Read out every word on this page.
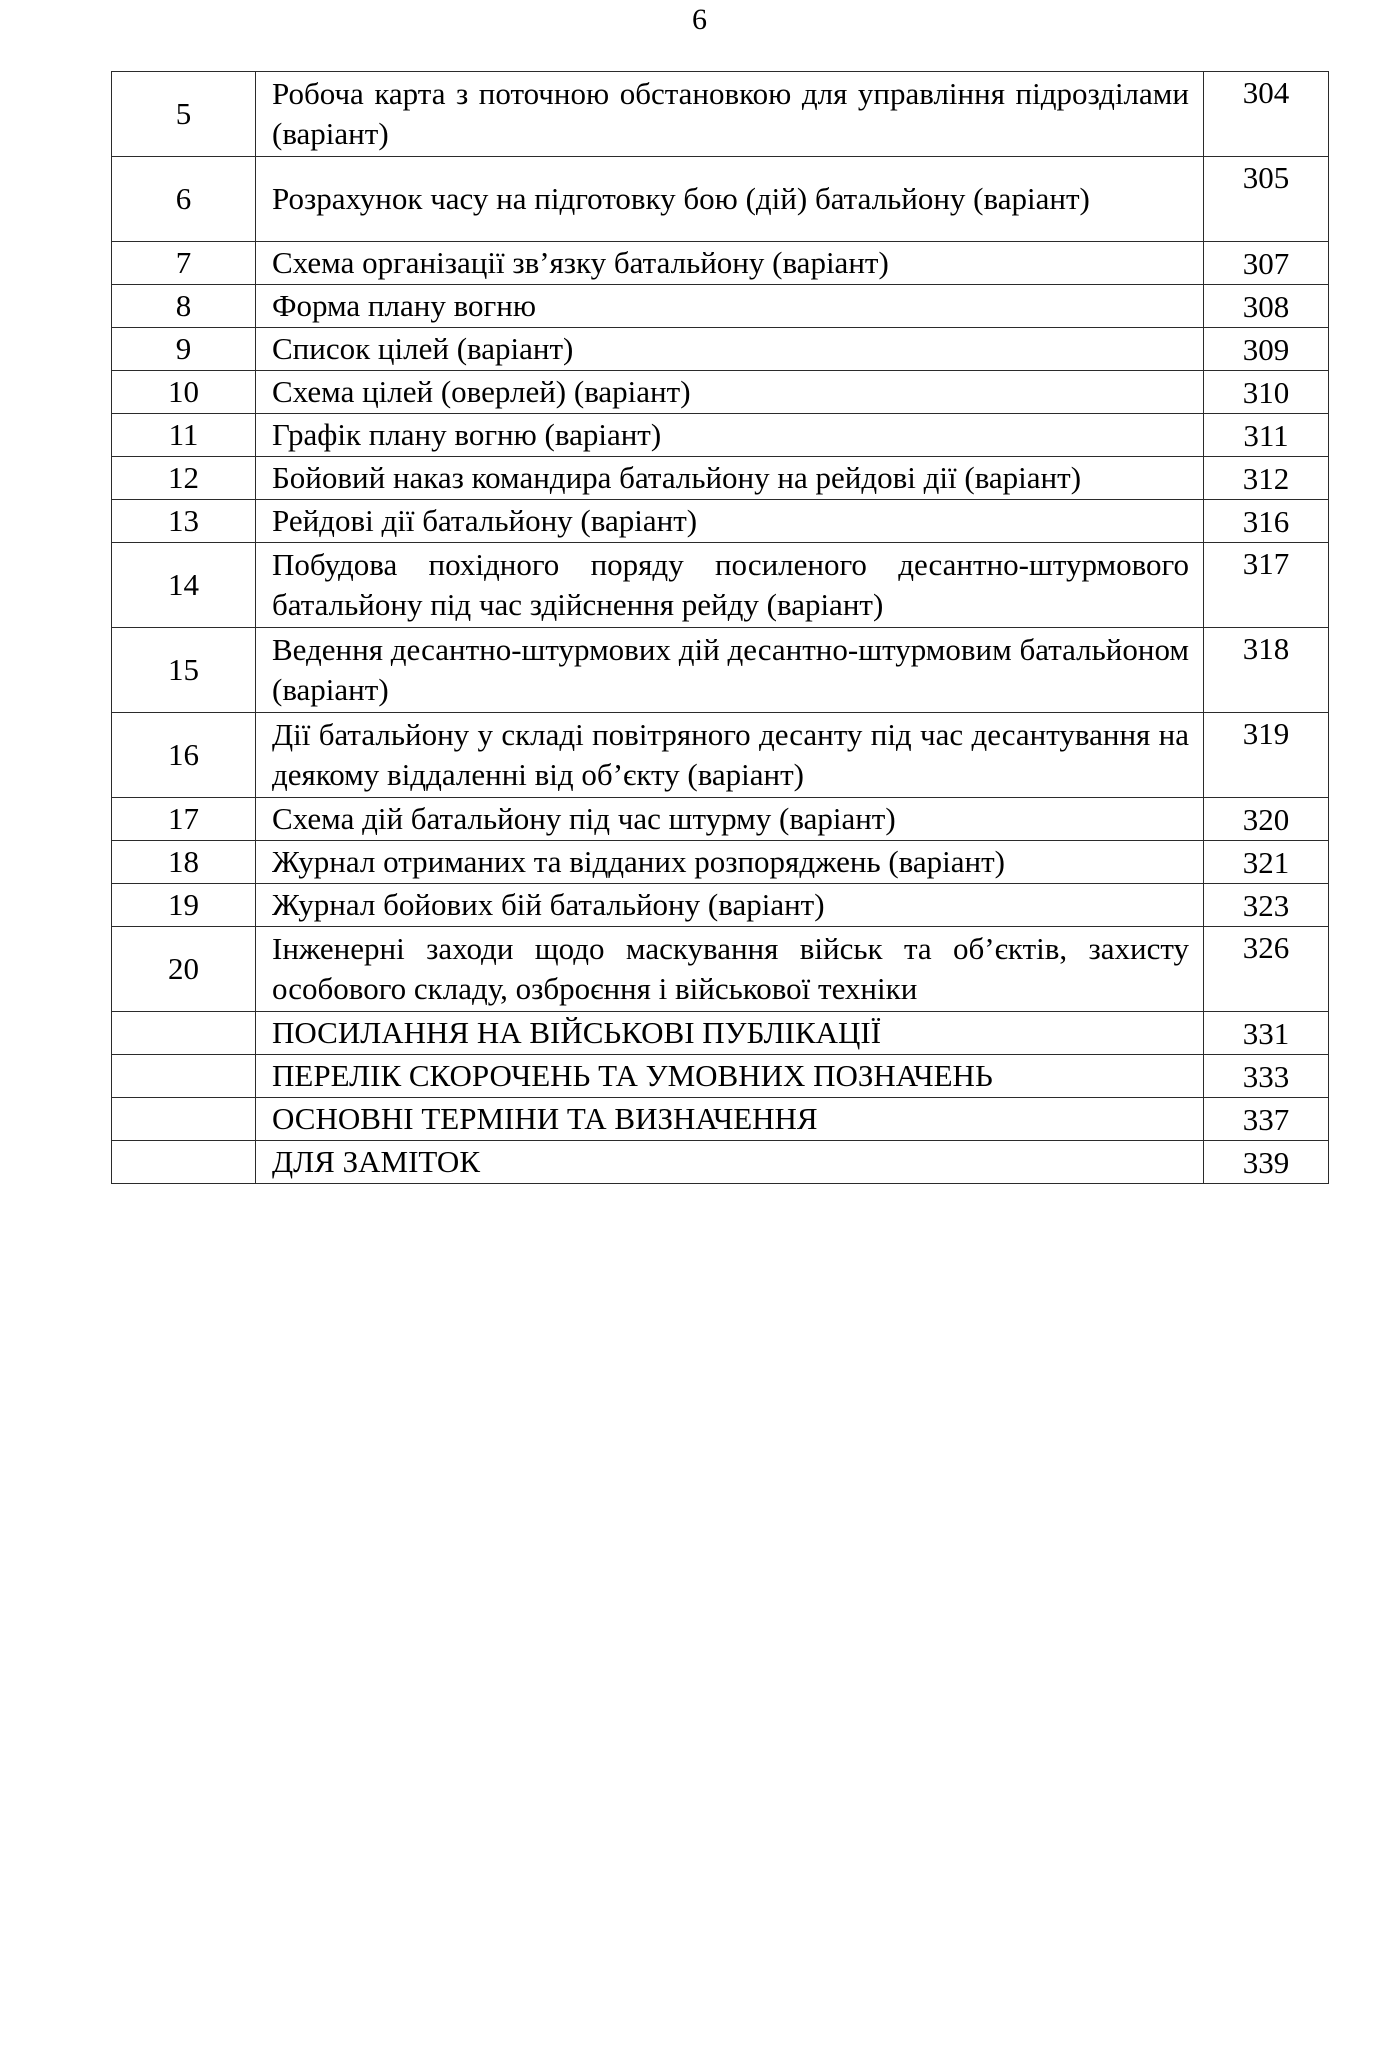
6
5	Робоча карта з поточною обстановкою для управління підрозділами (варіант)	304
6	Розрахунок часу на підготовку бою (дій) батальйону (варіант)	305
7	Схема організації зв’язку батальйону (варіант)	307
8	Форма плану вогню	308
9	Список цілей (варіант)	309
10	Схема цілей (оверлей) (варіант)	310
11	Графік плану вогню (варіант)	311
12	Бойовий наказ командира батальйону на рейдові дії (варіант)	312
13	Рейдові дії батальйону (варіант)	316
14	Побудова похідного поряду посиленого десантно-штурмового батальйону під час здійснення рейду (варіант)	317
15	Ведення десантно-штурмових дій десантно-штурмовим батальйоном (варіант)	318
16	Дії батальйону у складі повітряного десанту під час десантування на деякому віддаленні від об’єкту (варіант)	319
17	Схема дій батальйону під час штурму (варіант)	320
18	Журнал отриманих та відданих розпоряджень (варіант)	321
19	Журнал бойових бій батальйону (варіант)	323
20	Інженерні заходи щодо маскування військ та об’єктів, захисту особового складу, озброєння і військової техніки	326
	ПОСИЛАННЯ НА ВІЙСЬКОВІ ПУБЛІКАЦІЇ	331
	ПЕРЕЛІК СКОРОЧЕНЬ ТА УМОВНИХ ПОЗНАЧЕНЬ	333
	ОСНОВНІ ТЕРМІНИ ТА ВИЗНАЧЕННЯ	337
	ДЛЯ ЗАМІТОК	339
